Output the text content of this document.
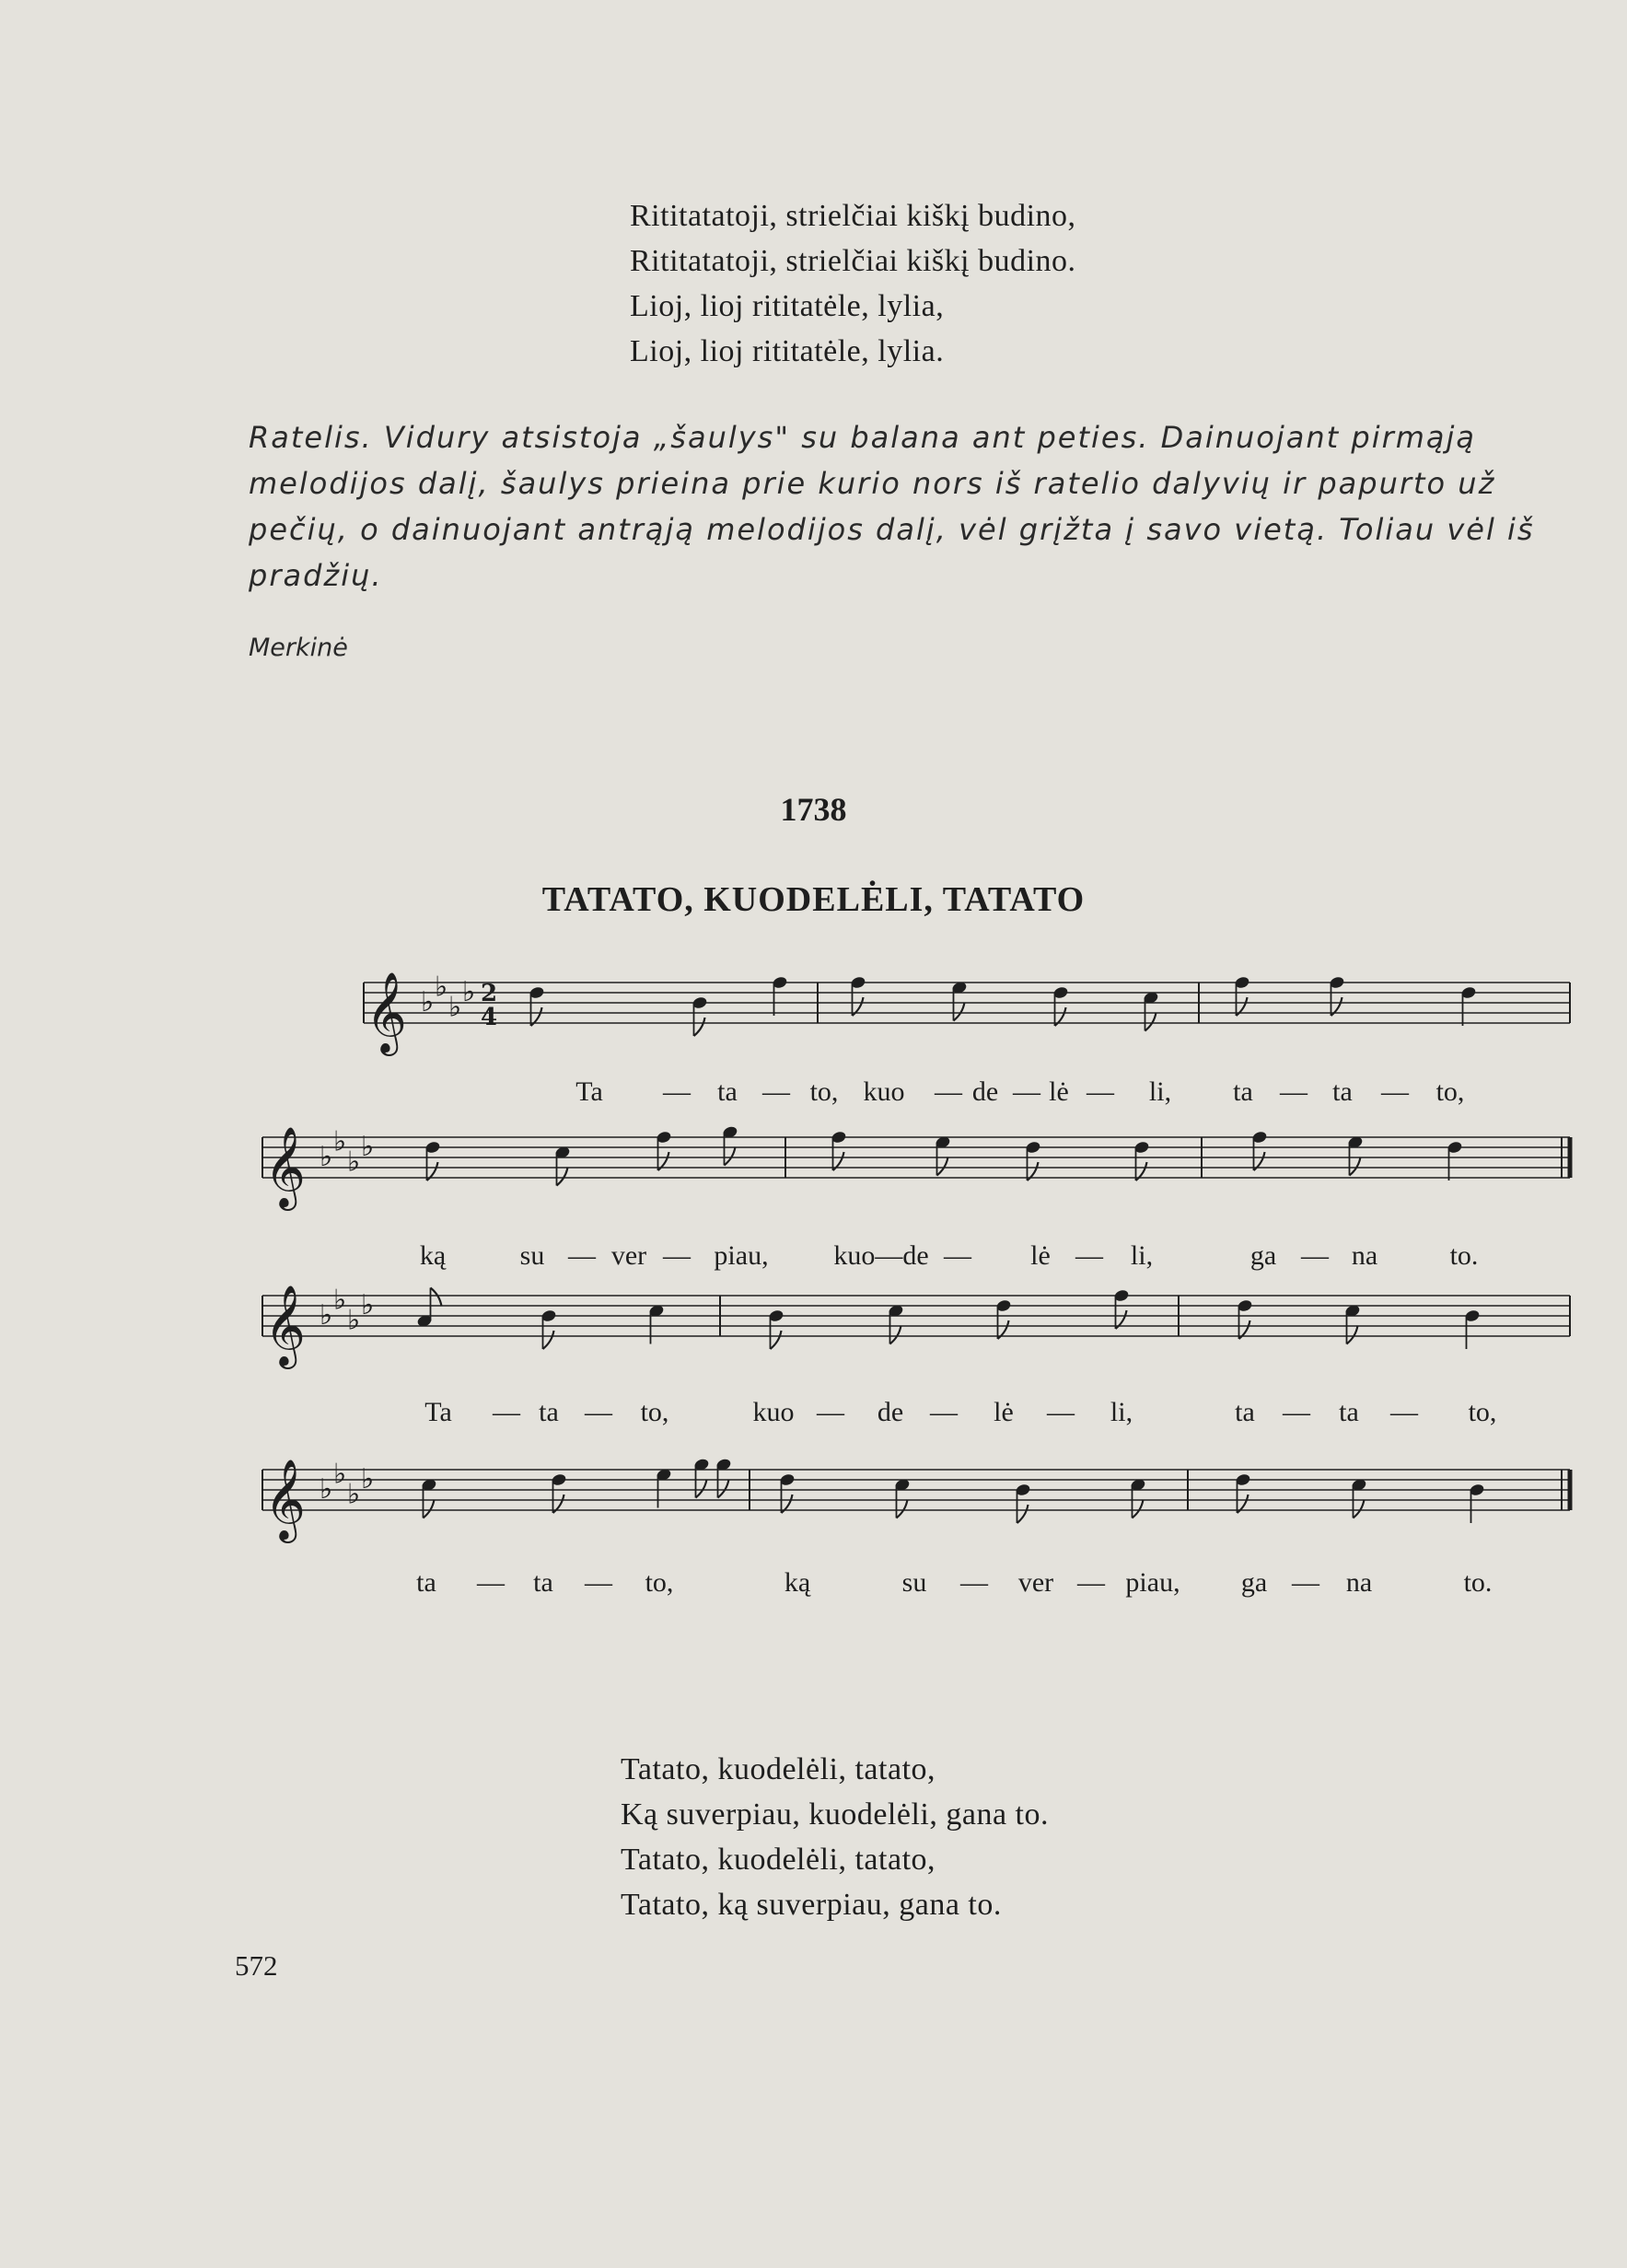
Rititatatoji, strielčiai kiškį budino,
Rititatatoji, strielčiai kiškį budino.
Lioj, lioj rititatėle, lylia,
Lioj, lioj rititatėle, lylia.
Ratelis. Vidury atsistoja „šaulys" su balana ant peties. Dainuojant pirmąją melodijos dalį, šaulys prieina prie kurio nors iš ratelio dalyvių ir papurto už pečių, o dainuojant antrąją melodijos dalį, vėl grįžta į savo vietą. Toliau vėl iš pradžių.
Merkinė
1738
TATATO, KUODELĖLI, TATATO
𝄞 ♭ ♭
♭ ♭ 2
4
𝄞 ♭ ♭
♭ ♭
𝄞 ♭ ♭
♭ ♭
𝄞 ♭ ♭
♭ ♭
Ta — ta — to, kuo — de — lė — li, ta — ta — to,
ką	su — ver — piau, kuo—de — lė — li,	ga — na	to.
Ta — ta — to,	kuo — de — lė — li,	ta — ta — to,
ta — ta — to,	ką	su — ver — piau, ga — na	to.
Tatato, kuodelėli, tatato,
Ką suverpiau, kuodelėli, gana to.
Tatato, kuodelėli, tatato,
Tatato, ką suverpiau, gana to.
572
